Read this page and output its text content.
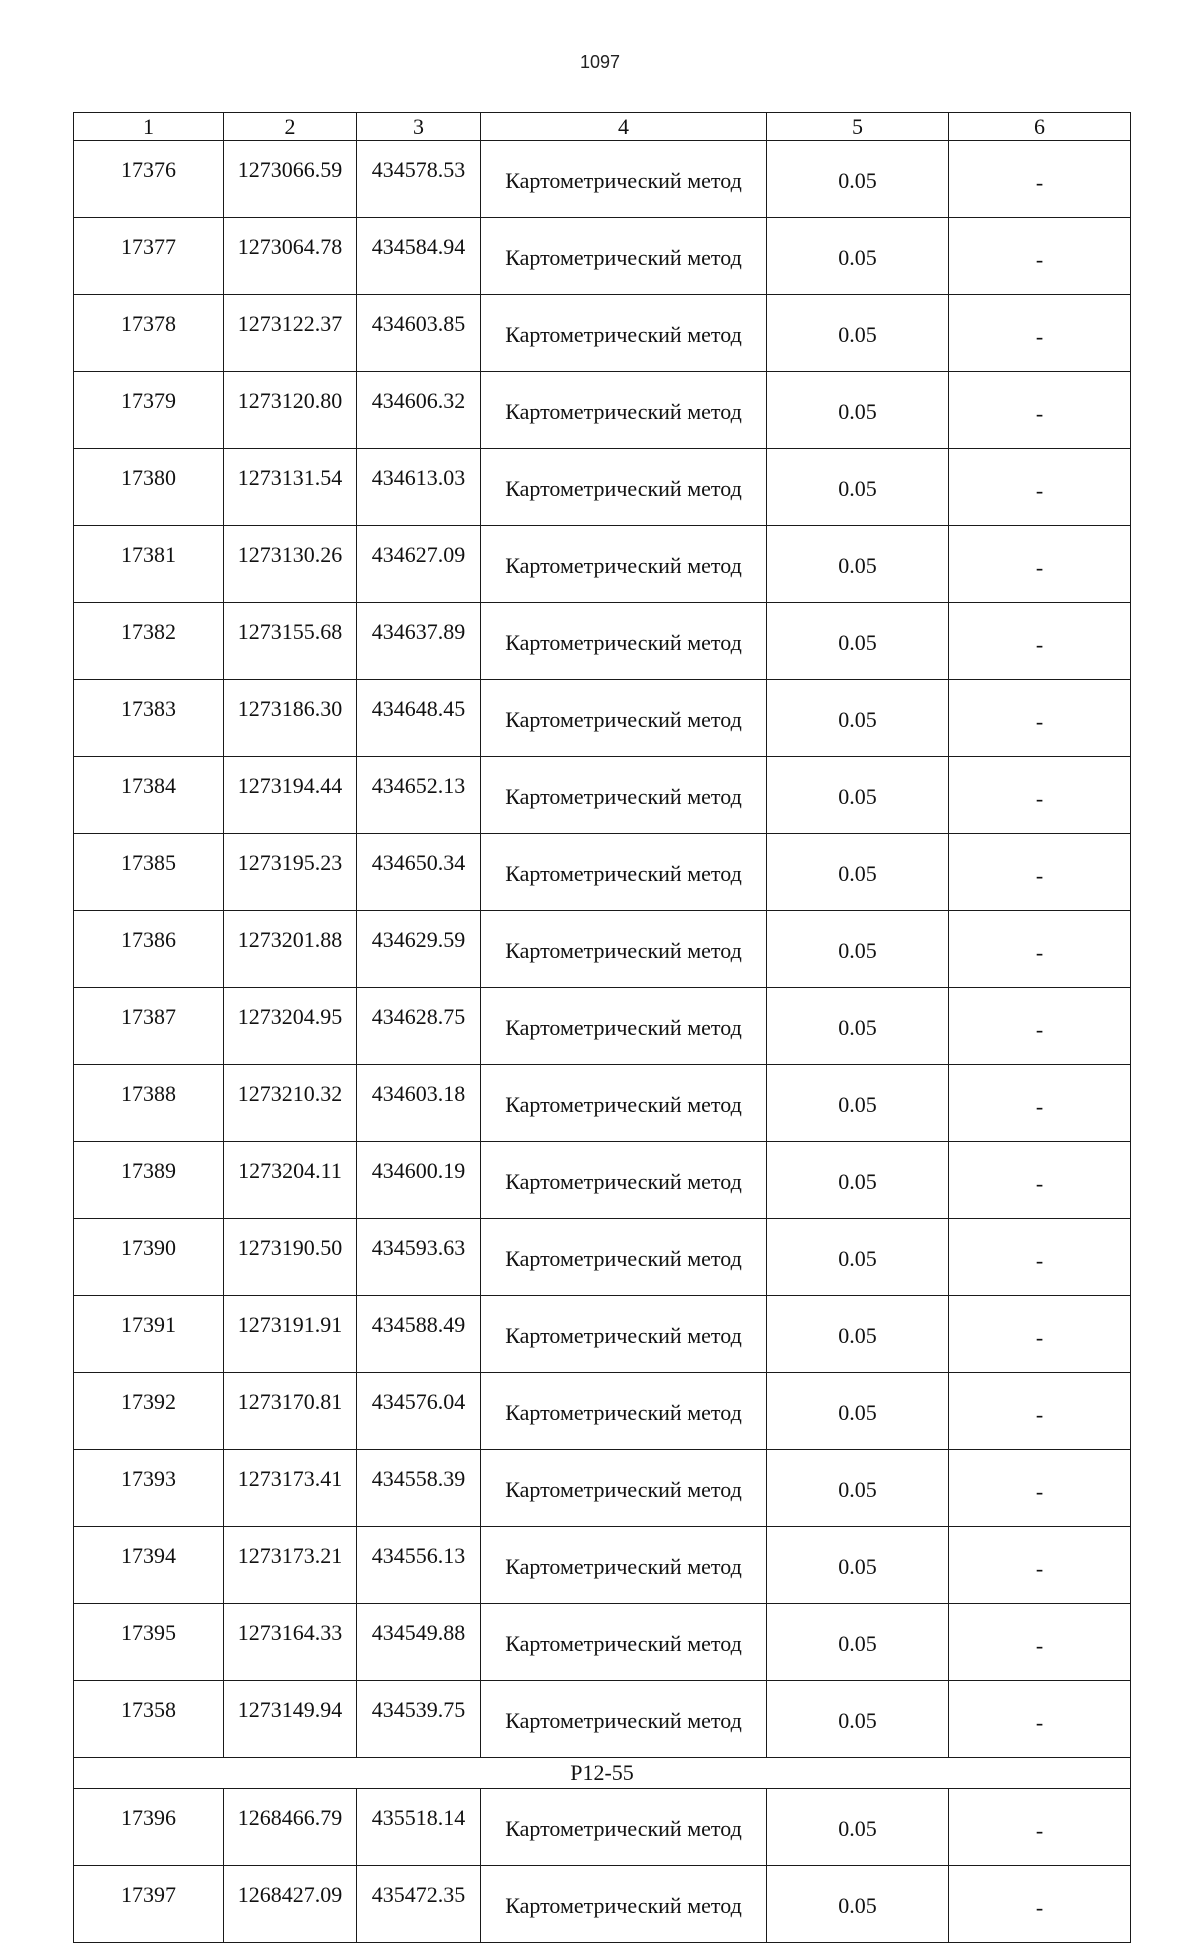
1097
1	2	3	4	5	6
17376	1273066.59	434578.53	Картометрический метод	0.05	-
17377	1273064.78	434584.94	Картометрический метод	0.05	-
17378	1273122.37	434603.85	Картометрический метод	0.05	-
17379	1273120.80	434606.32	Картометрический метод	0.05	-
17380	1273131.54	434613.03	Картометрический метод	0.05	-
17381	1273130.26	434627.09	Картометрический метод	0.05	-
17382	1273155.68	434637.89	Картометрический метод	0.05	-
17383	1273186.30	434648.45	Картометрический метод	0.05	-
17384	1273194.44	434652.13	Картометрический метод	0.05	-
17385	1273195.23	434650.34	Картометрический метод	0.05	-
17386	1273201.88	434629.59	Картометрический метод	0.05	-
17387	1273204.95	434628.75	Картометрический метод	0.05	-
17388	1273210.32	434603.18	Картометрический метод	0.05	-
17389	1273204.11	434600.19	Картометрический метод	0.05	-
17390	1273190.50	434593.63	Картометрический метод	0.05	-
17391	1273191.91	434588.49	Картометрический метод	0.05	-
17392	1273170.81	434576.04	Картометрический метод	0.05	-
17393	1273173.41	434558.39	Картометрический метод	0.05	-
17394	1273173.21	434556.13	Картометрический метод	0.05	-
17395	1273164.33	434549.88	Картометрический метод	0.05	-
17358	1273149.94	434539.75	Картометрический метод	0.05	-
Р12-55					
17396	1268466.79	435518.14	Картометрический метод	0.05	-
17397	1268427.09	435472.35	Картометрический метод	0.05	-
